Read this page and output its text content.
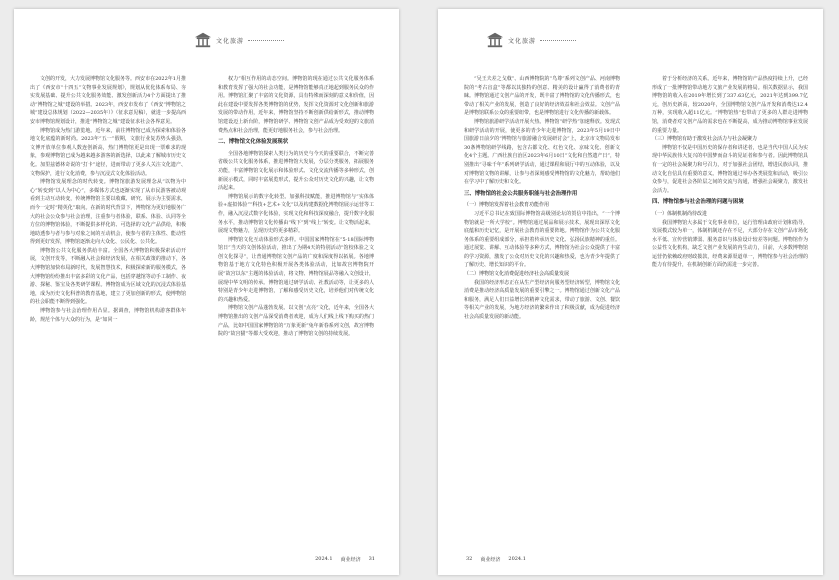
文化旅游

文创的开发，大力发展博物馆文化服务等。西安市在2022年1月推出了《西安市“十四五”文物事业发展规划》，规划从优化体系布局、夯实发展基础、提升公共文化服务效能、激发创新活力4个方面提出了推动“博物馆之城”建设的举措。2023年，西安市发布了《西安“博物馆之城”建设总体规划（2022—2035年）》（征求意见稿），就进一步提高西安市博物馆规划设计，推进“博物馆之城”建设征求社会各界意见。

博物馆成为热门游览地。近年来，前往博物馆已成为探索和体验各地文化底蕴的新时尚。2023年“五一”假期，文旅行业复苏势头强劲，文博开放单位参观人数连创新高，热门博物馆更是出现一票难求的现象，参观博物馆已成为越来越多游客的新选择，以此来了解城市历史文化。加里兹德林奇说的“打卡”途径，进而带动了更多人关注文化遗产、文物保护，进行文化消费，参与沉浸式文化体验活动。

博物馆发展理念的时代转变。博物馆旅游发展理念从“以物为中心”转变到“以人为中心”，多媒体方式也逐渐实现了从市民游客被动观看到主动互动转变，传统博物馆主要以收藏、研究、展示为主要需求，而今一定时“精英化”取向。在新的时代背景下，博物馆为更好地服务广大的社会公众参与社会治理，注重参与者体验，联系、体验、认同等全方位的博物馆体验，不断提供多样化的、可选择的文化产品供给，积极地助透参与者与参与对象之间的互动机会，使参与者的主体性、能动性得到更好发挥，博物馆逐渐走向大众化、公民化、公共化。

博物馆公共文化服务供给丰富。全国各大博物馆积极探索活动开展，文创开发等，不断融入社会和经济发展，在相关政策的推动下，各大博物馆加快布局新时代，发展智慧技术，积极探索新的服务模式，各大博物馆纷纷推出丰富多彩的文化产品，包括穿越馆等动手工制作、夜游、探秘、鉴宝及各类研学课程。博物馆成为区域文化的沉浸式体验基地，成为历史文化科普的教育基地，建立了更加创新的形式，使博物馆的社会职能不断得到强化。

博物馆参与社会治理作用凸显。据调查，博物馆机构游客群体年龄，规范个体与大众的行为，是“如同一

权力”相互作用的动态空间。博物馆的现在通过公共文化服务体系和教育发挥了强大的社会功能，是博物馆能够真正地起到服务民众的作用。博物馆汇聚了丰富的文化资源，具有特殊而深刻的意义和价值，因此在建设中要发挥各类博物馆的优势，发挥文化资源对文化创新和旅游发展的带动作用，近年来，博物馆坚持不断创新供给新形式，推动博物馆建设迈上新台阶，博物馆研学、博物馆文创产品成为受欢迎的文旅消费热点和社会治理，能更好地服务社会，参与社会治理。

二、博物馆文化体验发展现状

全国各地博物馆探索人类行为的历史与今天的重要联合，不断完善省级公共文化服务体系，推进博物馆大发展，分层分类服务，拓展服务功能，丰富博物馆文化展示和体验形式、文化交流传播等多种形式，创新展示模式，同时丰富展览形式，提升公众对历史文化的兴趣，让文物活起来。

博物馆展示的数字化转型。加强科技赋能，推进博物馆与“实体体验+虚拟体验”“科技+艺术+文化”以及构建数据化博物馆展示运营等工作，融入沉浸式数字化体验，实现文化和科技深度融合，提升数字化服务水平，推动博物馆文化传播由“线下”到“线上”转变。让文物活起来，展现文物魅力，呈现历史的更多精彩。

博物馆文化互动体验形式多样。中国国家博物馆在“5·18国际博物馆日”当天的文创体验活动，推出了为期4天的特别活动“馆校体验之文创文化探寻”，让普通博物馆文创产品的广度和深度得以拓展。各地博物馆基于地方文化特色积极开展各类体验活动，比如故宫博物院开展“故宫以东”主题的体验活动，将文物、博物馆展品等融入文创设计，展现中华文明的传承。博物馆通过研学活动、社教活动等，让更多的人特别是青少年走进博物馆，了解和感受历史文化，培养他们对传统文化的兴趣和热爱。

博物馆文创产品蓬勃发展。以文创“点亮”文化，近年来，全国各大博物馆推出的文创产品深受消费者欢迎，成为人们线上线下购买的热门产品，比如中国国家博物馆的“万象更新”兔年新春系列文创，故宫博物院的“故宫猫”等都大受欢迎，推动了博物馆文创的持续发展。

2024.1 商业经济 31
文化旅游

“吴王夫差之戈戟”、山西博物院的“鸟尊”系列文创产品、河南博物院的“考古盲盒”等都以其独特的创意、精美的设计赢得了消费者的青睐。博物馆通过文创产品的开发，既丰富了博物馆的文化传播形式，也带动了相关产业的发展，创造了良好的经济效益和社会效益。文创产品是博物馆联系公众的重要纽带，也是博物馆进行文化传播的新载体。

博物馆旅游研学活动开展火热。博物馆“研学热”加速释放。发现式和研学活动的开展，使更多的青少年走进博物馆，2023年5月19日中国旅游日前夕的“博物馆与旅游融合发展研讨会”上，北京市文物局发布30条博物馆研学线路，包含古都文化、红色文化、京味文化、创新文化4个主题。广西壮族自治区2023年6月10日“文化和自然遗产日”，特别推出“寻味千年”系列研学活动，通过课程和展厅中的互动体验，以及对博物馆文物的讲解，让参与者深刻感受博物馆的文化魅力，帮助他们在学习中了解历史和文化。

三、博物馆的社会公共服务职能与社会治理作用

（一）博物馆发挥着社会教育功能作用

习近平总书记在致国际博物馆高级别论坛的贺信中指出，“一个博物馆就是一所大学校”。博物馆通过展品和展示技术，展现出深厚文化底蕴和历史记忆，是开展社会教育的重要阵地。博物馆作为公共文化服务体系的重要组成部分，承担着传承历史文化、弘扬民族精神的重任。通过展览、讲解、互动体验等多种方式，博物馆为社会公众提供了丰富的学习资源，激发了公众对历史文化的兴趣和热爱，也为青少年提供了了解历史、增长知识的平台。

（二）博物馆文化消费促进经济社会高质量发展

我国的经济形态正在从生产型经济向服务型经济转型，博物馆文化消费是推动经济高质量发展的重要引擎之一。博物馆通过创新文化产品和服务，满足人们日益增长的精神文化需求，带动了旅游、文创、餐饮等相关产业的发展，为地方经济的繁荣作出了积极贡献，成为促进经济社会高质量发展的新动能。

着于分析经济的关系。近年来，博物馆的产品热度持续上升，已经形成了一批博物馆带动地方文旅产业发展的格局。相关数据显示，我国博物馆的收入在2019年增长到了337.63亿元，2021年达到399.7亿元，创历史新高，较2020年，全国博物馆文创产品开发和消费达12.4万种，实现收入超11亿元。“博物馆热”也带动了更多的人群走进博物馆，消费者对文创产品的需求也在不断提高，成为推动博物馆事业发展的重要力量。

（三）博物馆有助于激发社会活力与社会凝聚力

博物馆不仅是中国历史的保存者和讲述者，也是当代中国人民为实现中华民族伟大复兴的中国梦而奋斗的见证者和参与者。因此博物馆具有一定的社会凝聚力和号召力，对于加强社会团结，增进民族认同，推动文化自信具有重要的意义。博物馆通过举办各类展览和活动，吸引公众参与，促进社会各阶层之间的交流与沟通，增强社会凝聚力，激发社会活力。

四、博物馆参与社会治理的问题与困境

（一）体制机制尚待改进

我国博物馆大多属于文化事业单位，运行管理由政府计划和指导，发展模式较为单一，体制机制还存在不足，大部分存在文创产品市场化水平低、宣传营销薄弱、服务意识与体验设计较差等问题。博物馆作为公益性文化机构，缺乏文创产业发展的内生动力，目前，大多数博物馆运营仍依赖政府财政拨款，经费来源渠道单一，博物馆参与社会治理的能力有待提升，在机制创新方面仍需进一步完善。

32 商业经济 2024.1
